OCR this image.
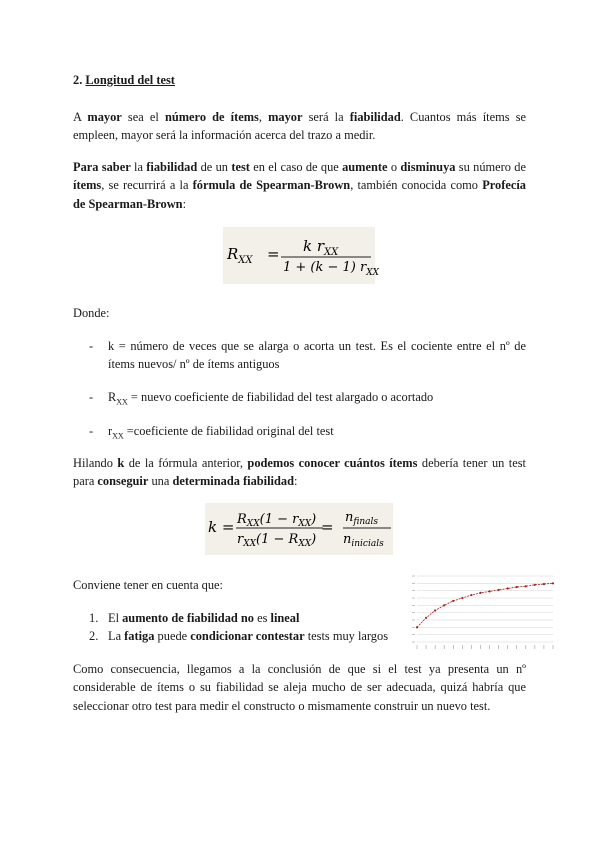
2. Longitud del test

A mayor sea el número de ítems, mayor será la fiabilidad. Cuantos más ítems se empleen, mayor será la información acerca del trazo a medir.

Para saber la fiabilidad de un test en el caso de que aumente o disminuya su número de ítems, se recurrirá a la fórmula de Spearman-Brown, también conocida como Profecía de Spearman-Brown:

$R_{XX} = k$ $r_{XX}$
1 + (k − 1) $r_{XX}$

Donde:

- k = número de veces que se alarga o acorta un test. Es el cociente entre el nº de ítems nuevos/ nº de ítems antiguos
- $R_{XX}$ = nuevo coeficiente de fiabilidad del test alargado o acortado
- $r_{XX}$ =coeficiente de fiabilidad original del test

Hilando k de la fórmula anterior, podemos conocer cuántos ítems debería tener un test para conseguir una determinada fiabilidad:

$k = R_{XX}(1 - r_{XX})$
$r_{XX}(1 - R_{XX})$
=
$n_{finals}$
$n_{inicials}$

Conviene tener en cuenta que:

1. El aumento de fiabilidad no es lineal
2. La fatiga puede condicionar contestar tests muy largos

Como consecuencia, llegamos a la conclusión de que si el test ya presenta un nº considerable de ítems o su fiabilidad se aleja mucho de ser adecuada, quizá habría que seleccionar otro test para medir el constructo o mismamente construir un nuevo test.
